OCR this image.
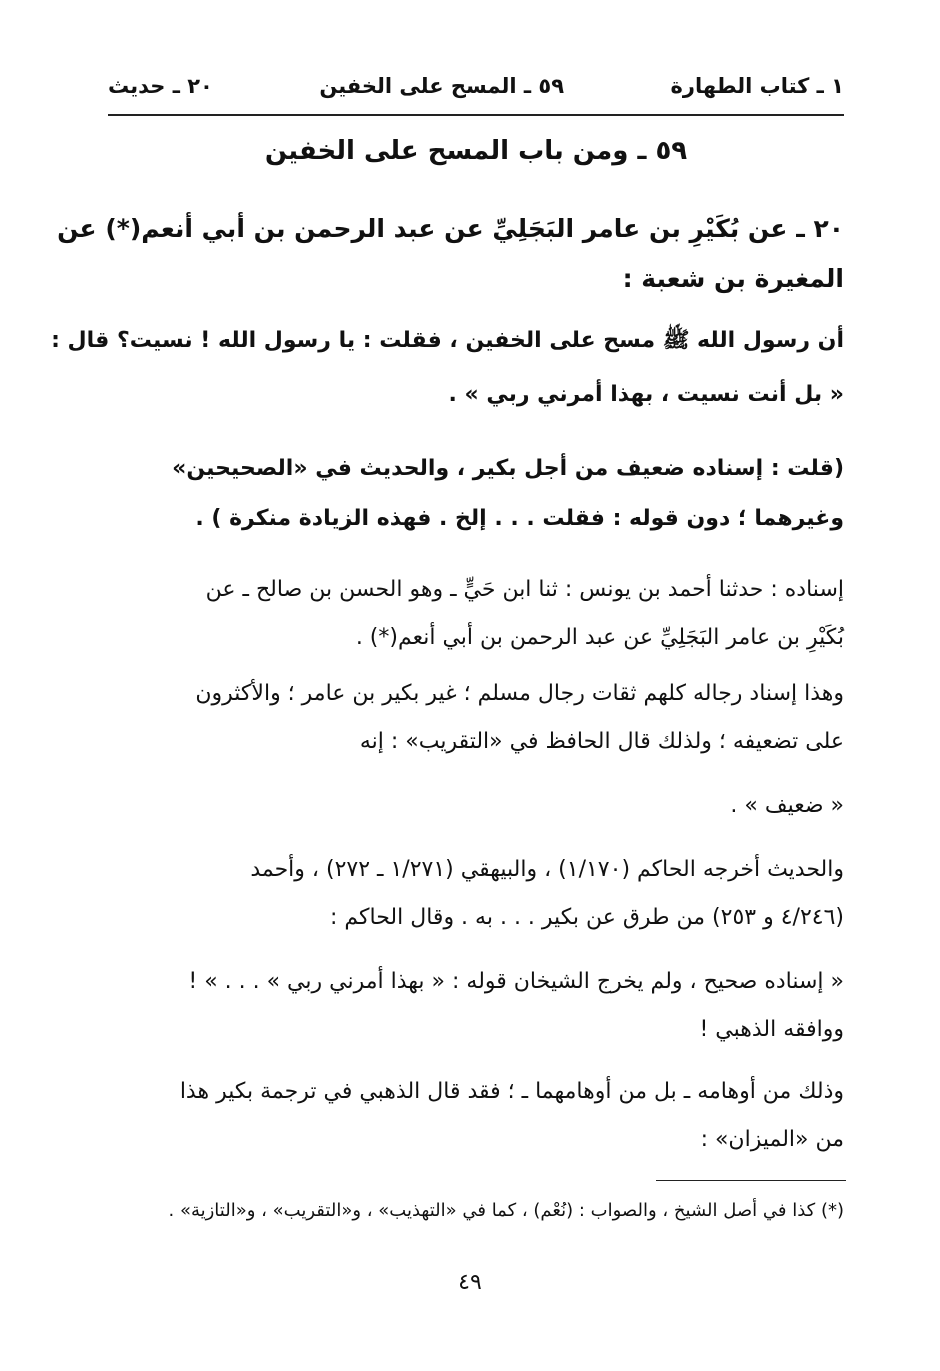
١ ـ كتاب الطهارة
٥٩ ـ المسح على الخفين
٢٠ ـ حديث
٥٩ ـ ومن باب المسح على الخفين
٢٠ ـ عن بُكَيْرِ بن عامر البَجَلِيِّ عن عبد الرحمن بن أبي أنعم(*) عن
المغيرة بن شعبة :
أن رسول الله ﷺ مسح على الخفين ، فقلت : يا رسول الله ! نسيت؟ قال :
« بل أنت نسيت ، بهذا أمرني ربي » .
(قلت : إسناده ضعيف من أجل بكير ، والحديث في «الصحيحين»
وغيرهما ؛ دون قوله : فقلت . . . إلخ . فهذه الزيادة منكرة ) .
إسناده : حدثنا أحمد بن يونس : ثنا ابن حَيٍّ ـ وهو الحسن بن صالح ـ عن
بُكَيْرِ بن عامر البَجَلِيِّ عن عبد الرحمن بن أبي أنعم(*) .
وهذا إسناد رجاله كلهم ثقات رجال مسلم ؛ غير بكير بن عامر ؛ والأكثرون
على تضعيفه ؛ ولذلك قال الحافظ في «التقريب» : إنه
« ضعيف » .
والحديث أخرجه الحاكم (١/١٧٠) ، والبيهقي (١/٢٧١ ـ ٢٧٢) ، وأحمد
(٤/٢٤٦ و ٢٥٣) من طرق عن بكير . . . به . وقال الحاكم :
« إسناده صحيح ، ولم يخرج الشيخان قوله : « بهذا أمرني ربي » . . . » !
ووافقه الذهبي !
وذلك من أوهامه ـ بل من أوهامهما ـ ؛ فقد قال الذهبي في ترجمة بكير هذا
من «الميزان» :
(*) كذا في أصل الشيخ ، والصواب : (نُعْم) ، كما في «التهذيب» ، و«التقريب» ، و«التازية» .
٤٩
